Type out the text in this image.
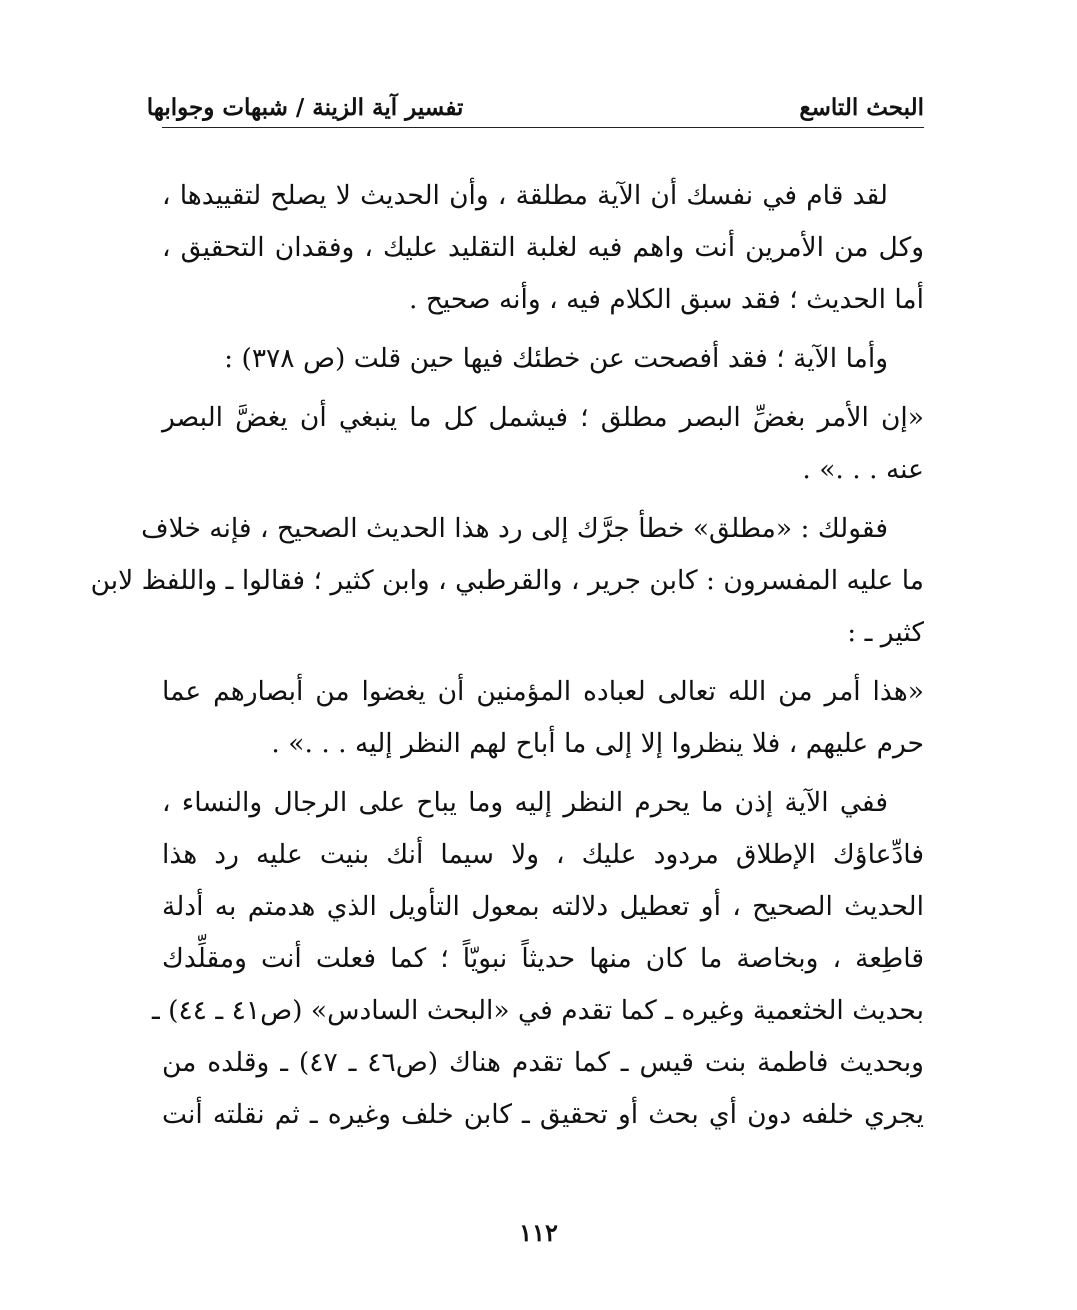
البحث التاسع
تفسير آية الزينة / شبهات وجوابها
لقد قام في نفسك أن الآية مطلقة ، وأن الحديث لا يصلح لتقييدها ،
وكل من الأمرين أنت واهم فيه لغلبة التقليد عليك ، وفقدان التحقيق ،
أما الحديث ؛ فقد سبق الكلام فيه ، وأنه صحيح .
وأما الآية ؛ فقد أفصحت عن خطئك فيها حين قلت (ص ٣٧٨) :
«إن الأمر بغضِّ البصر مطلق ؛ فيشمل كل ما ينبغي أن يغضَّ البصر
عنه . . .» .
فقولك : «مطلق» خطأ جرَّك إلى رد هذا الحديث الصحيح ، فإنه خلاف
ما عليه المفسرون : كابن جرير ، والقرطبي ، وابن كثير ؛ فقالوا ـ واللفظ لابن
كثير ـ :
«هذا أمر من الله تعالى لعباده المؤمنين أن يغضوا من أبصارهم عما
حرم عليهم ، فلا ينظروا إلا إلى ما أباح لهم النظر إليه . . .» .
ففي الآية إذن ما يحرم النظر إليه وما يباح على الرجال والنساء ،
فادِّعاؤك الإطلاق مردود عليك ، ولا سيما أنك بنيت عليه رد هذا
الحديث الصحيح ، أو تعطيل دلالته بمعول التأويل الذي هدمتم به أدلة
قاطِعة ، وبخاصة ما كان منها حديثاً نبويّاً ؛ كما فعلت أنت ومقلِّدك
بحديث الخثعمية وغيره ـ كما تقدم في «البحث السادس» (ص٤١ ـ ٤٤) ـ
وبحديث فاطمة بنت قيس ـ كما تقدم هناك (ص٤٦ ـ ٤٧) ـ وقلده من
يجري خلفه دون أي بحث أو تحقيق ـ كابن خلف وغيره ـ ثم نقلته أنت
١١٢
